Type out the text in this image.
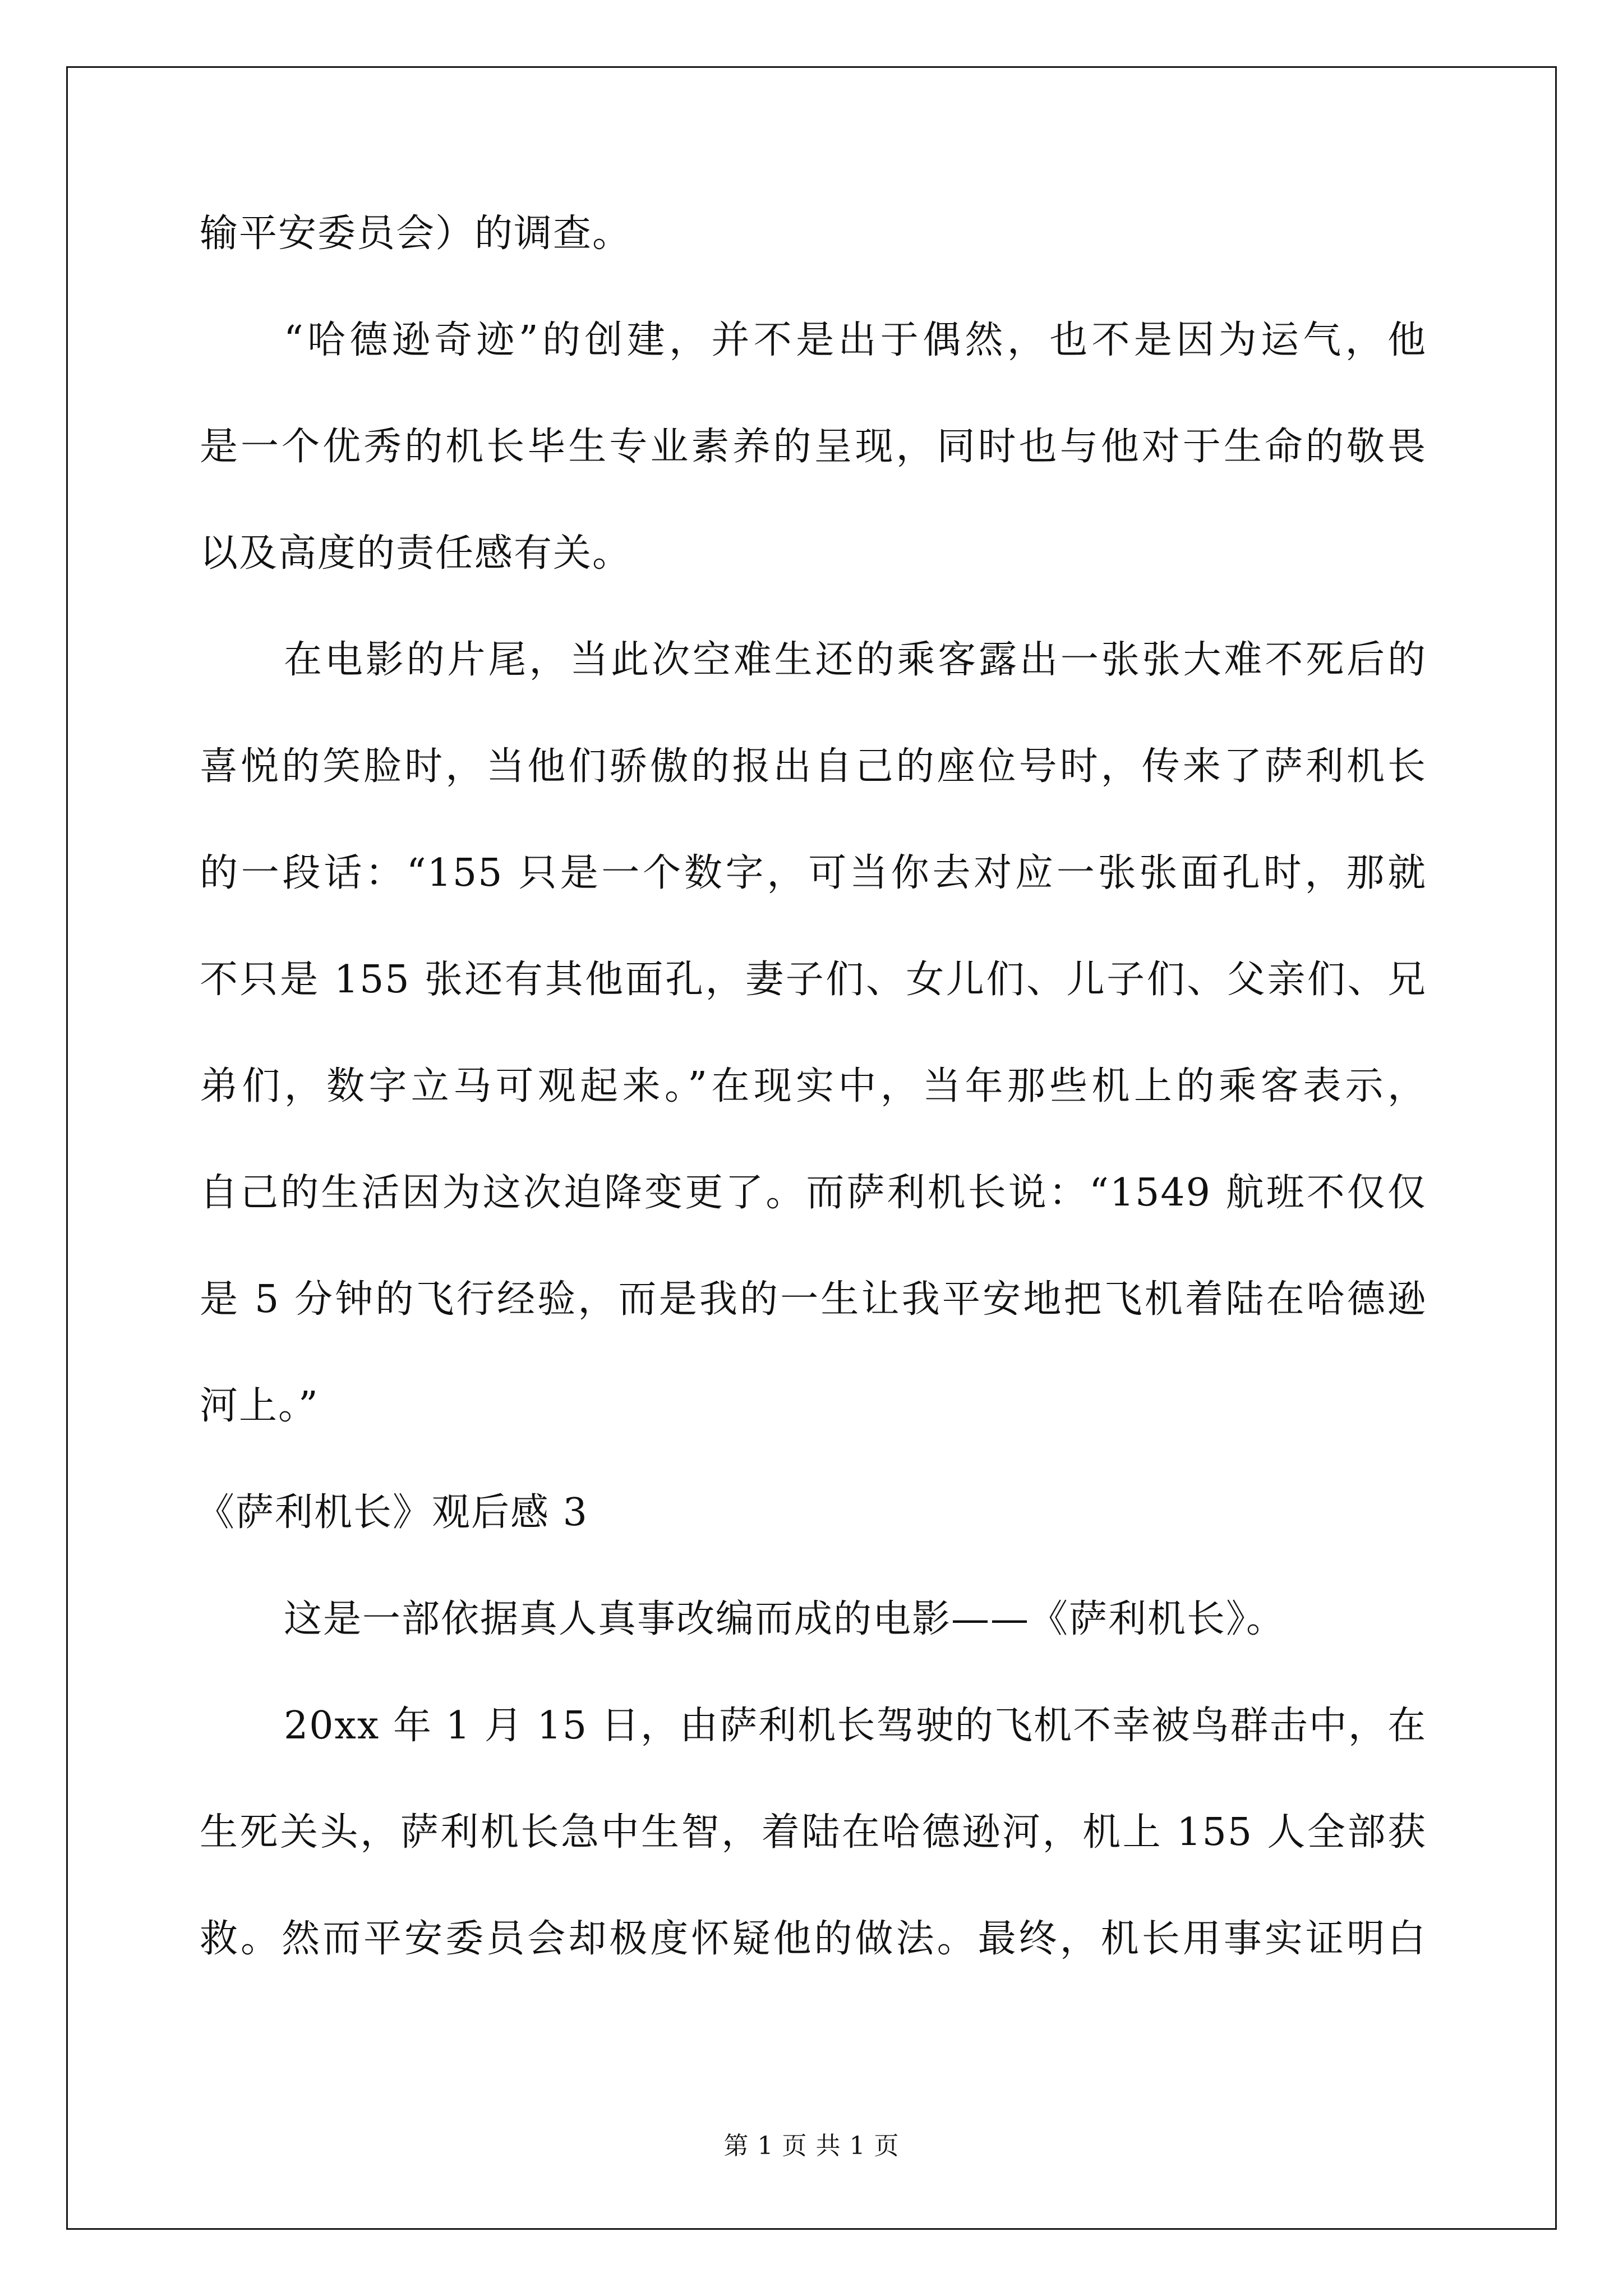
输平安委员会）的调查。
“哈德逊奇迹”的创建，并不是出于偶然，也不是因为运气，他
是一个优秀的机长毕生专业素养的呈现，同时也与他对于生命的敬畏
以及高度的责任感有关。
在电影的片尾，当此次空难生还的乘客露出一张张大难不死后的
喜悦的笑脸时，当他们骄傲的报出自己的座位号时，传来了萨利机长
的一段话：“155 只是一个数字，可当你去对应一张张面孔时，那就
不只是 155 张还有其他面孔，妻子们、女儿们、儿子们、父亲们、兄
弟们，数字立马可观起来。”在现实中，当年那些机上的乘客表示，
自己的生活因为这次迫降变更了。而萨利机长说：“1549 航班不仅仅
是 5 分钟的飞行经验，而是我的一生让我平安地把飞机着陆在哈德逊
河上。”
《萨利机长》观后感 3
这是一部依据真人真事改编而成的电影——《萨利机长》。
20xx 年 1 月 15 日，由萨利机长驾驶的飞机不幸被鸟群击中，在
生死关头，萨利机长急中生智，着陆在哈德逊河，机上 155 人全部获
救。然而平安委员会却极度怀疑他的做法。最终，机长用事实证明白
第 1 页 共 1 页
